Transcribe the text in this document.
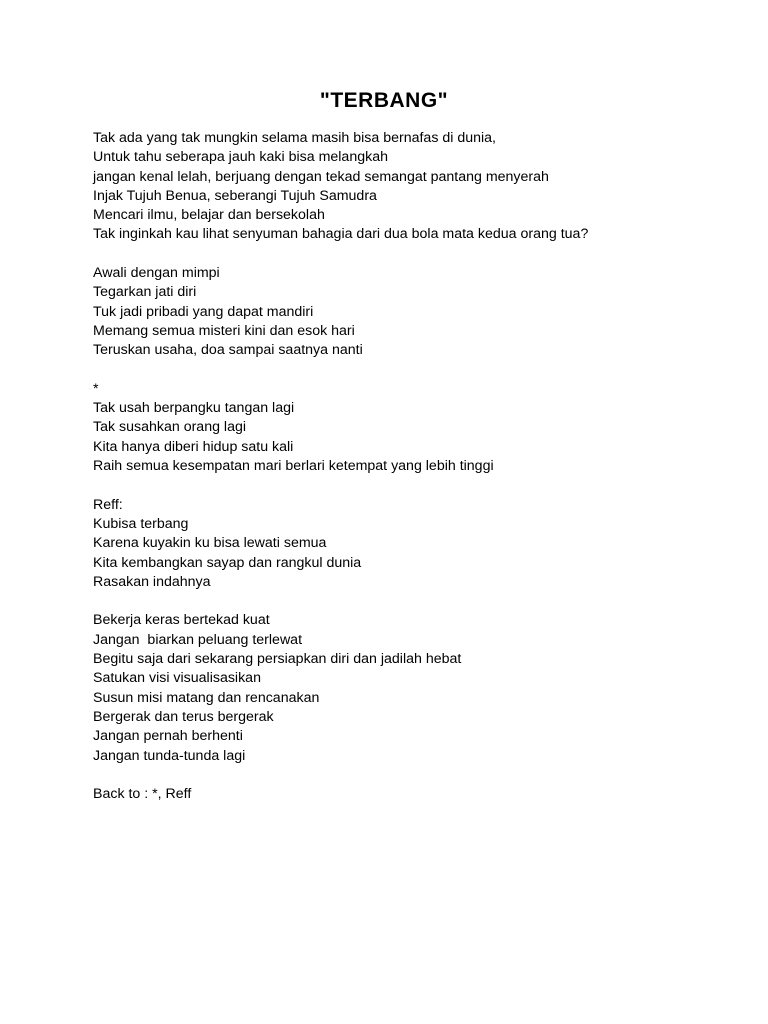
"TERBANG"
Tak ada yang tak mungkin selama masih bisa bernafas di dunia,
Untuk tahu seberapa jauh kaki bisa melangkah
jangan kenal lelah, berjuang dengan tekad semangat pantang menyerah
Injak Tujuh Benua, seberangi Tujuh Samudra
Mencari ilmu, belajar dan bersekolah
Tak inginkah kau lihat senyuman bahagia dari dua bola mata kedua orang tua?
Awali dengan mimpi
Tegarkan jati diri
Tuk jadi pribadi yang dapat mandiri
Memang semua misteri kini dan esok hari
Teruskan usaha, doa sampai saatnya nanti
*
Tak usah berpangku tangan lagi
Tak susahkan orang lagi
Kita hanya diberi hidup satu kali
Raih semua kesempatan mari berlari ketempat yang lebih tinggi
Reff:
Kubisa terbang
Karena kuyakin ku bisa lewati semua
Kita kembangkan sayap dan rangkul dunia
Rasakan indahnya
Bekerja keras bertekad kuat
Jangan  biarkan peluang terlewat
Begitu saja dari sekarang persiapkan diri dan jadilah hebat
Satukan visi visualisasikan
Susun misi matang dan rencanakan
Bergerak dan terus bergerak
Jangan pernah berhenti
Jangan tunda-tunda lagi
Back to : *, Reff
